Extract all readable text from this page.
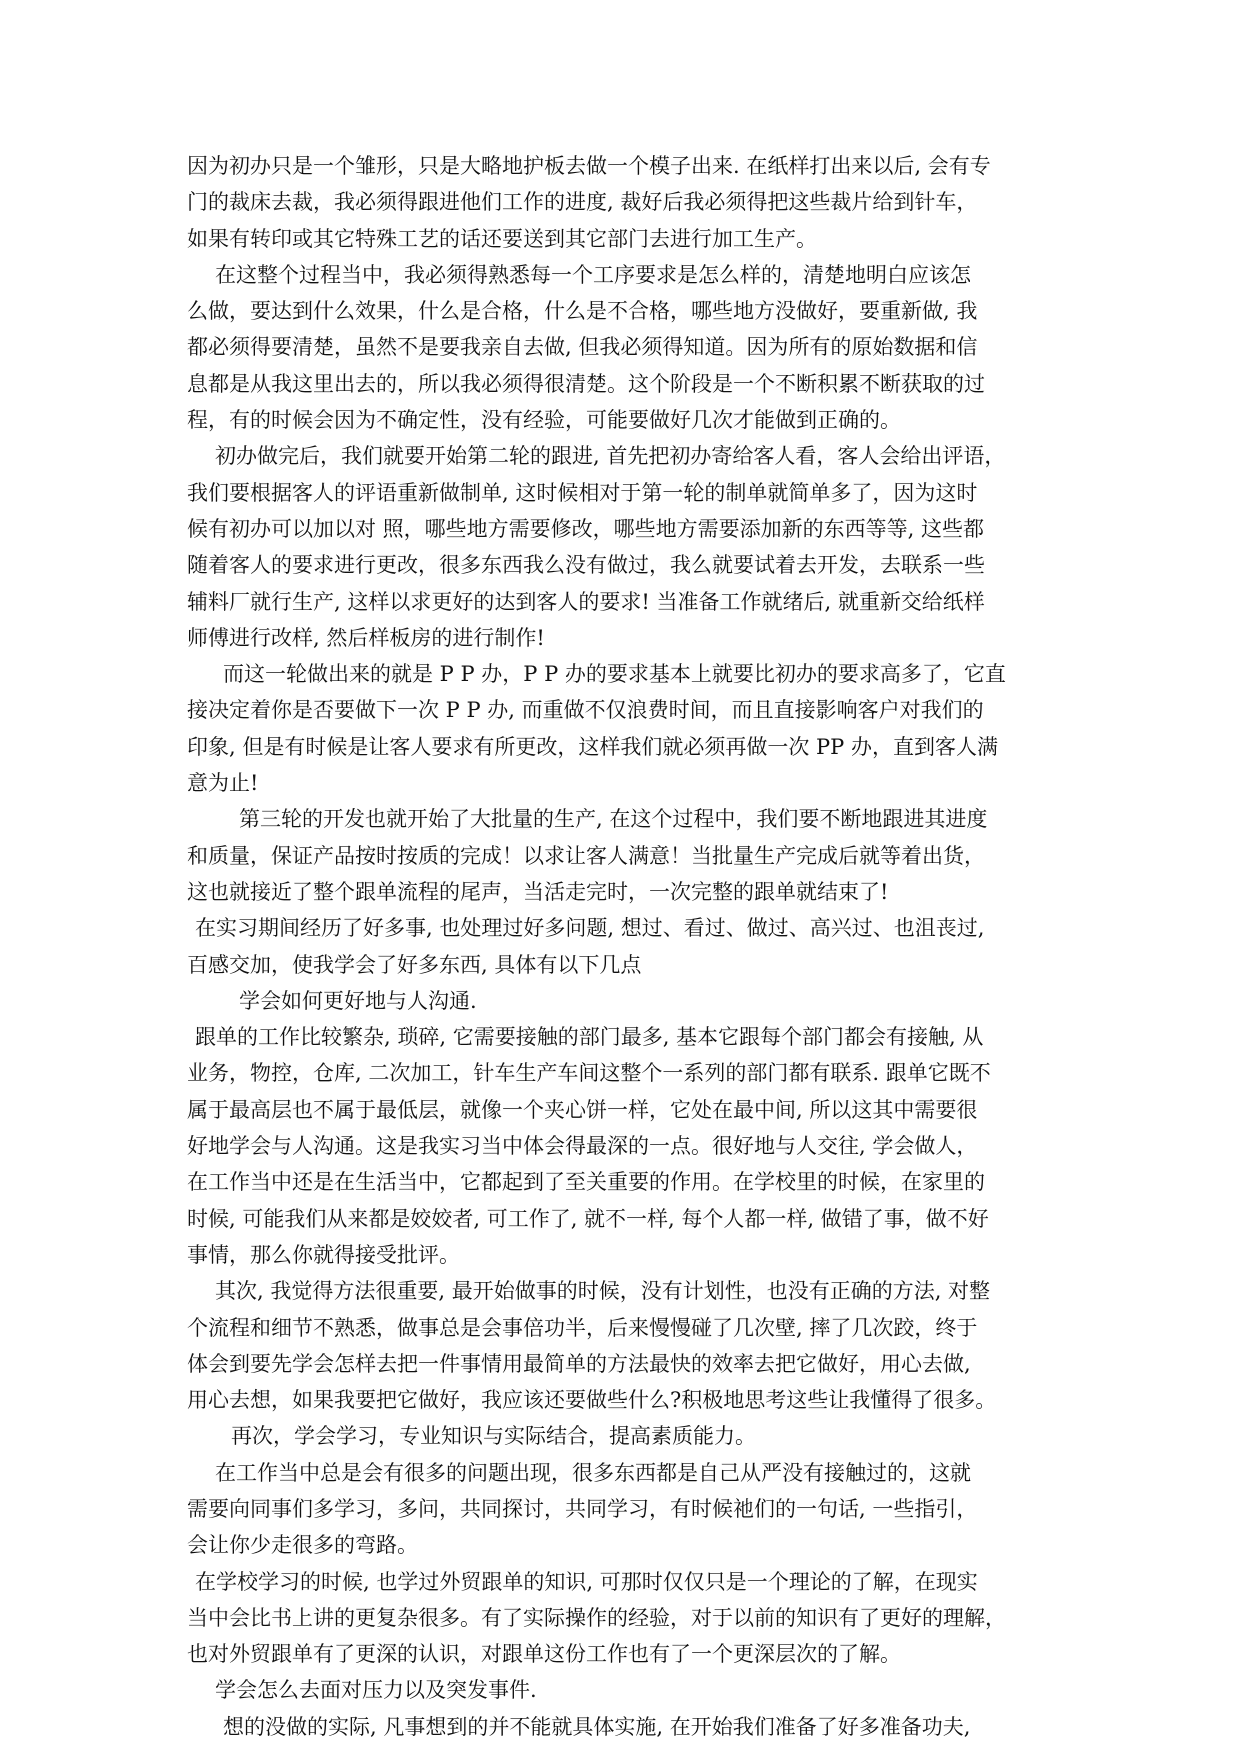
因为初办只是一个雏形，只是大略地护板去做一个模子出来. 在纸样打出来以后, 会有专
门的裁床去裁，我必须得跟进他们工作的进度, 裁好后我必须得把这些裁片给到针车，
如果有转印或其它特殊工艺的话还要送到其它部门去进行加工生产。
在这整个过程当中，我必须得熟悉每一个工序要求是怎么样的，清楚地明白应该怎
么做，要达到什么效果，什么是合格，什么是不合格，哪些地方没做好，要重新做, 我
都必须得要清楚，虽然不是要我亲自去做, 但我必须得知道。因为所有的原始数据和信
息都是从我这里出去的，所以我必须得很清楚。这个阶段是一个不断积累不断获取的过
程，有的时候会因为不确定性，没有经验，可能要做好几次才能做到正确的。
初办做完后，我们就要开始第二轮的跟进, 首先把初办寄给客人看，客人会给出评语，
我们要根据客人的评语重新做制单, 这时候相对于第一轮的制单就简单多了，因为这时
候有初办可以加以对 照，哪些地方需要修改，哪些地方需要添加新的东西等等, 这些都
随着客人的要求进行更改，很多东西我么没有做过，我么就要试着去开发，去联系一些
辅料厂就行生产, 这样以求更好的达到客人的要求! 当准备工作就绪后, 就重新交给纸样
师傅进行改样, 然后样板房的进行制作!
而这一轮做出来的就是 P P 办，P P 办的要求基本上就要比初办的要求高多了，它直
接决定着你是否要做下一次 P P 办, 而重做不仅浪费时间，而且直接影响客户对我们的
印象, 但是有时候是让客人要求有所更改，这样我们就必须再做一次 PP 办，直到客人满
意为止!
第三轮的开发也就开始了大批量的生产, 在这个过程中，我们要不断地跟进其进度
和质量，保证产品按时按质的完成！以求让客人满意！当批量生产完成后就等着出货，
这也就接近了整个跟单流程的尾声，当活走完时，一次完整的跟单就结束了!
在实习期间经历了好多事, 也处理过好多问题, 想过、看过、做过、高兴过、也沮丧过,
百感交加，使我学会了好多东西, 具体有以下几点
学会如何更好地与人沟通.
跟单的工作比较繁杂, 琐碎, 它需要接触的部门最多, 基本它跟每个部门都会有接触, 从
业务，物控，仓库, 二次加工，针车生产车间这整个一系列的部门都有联系. 跟单它既不
属于最高层也不属于最低层，就像一个夹心饼一样，它处在最中间, 所以这其中需要很
好地学会与人沟通。这是我实习当中体会得最深的一点。很好地与人交往, 学会做人，
在工作当中还是在生活当中，它都起到了至关重要的作用。在学校里的时候，在家里的
时候, 可能我们从来都是姣姣者, 可工作了, 就不一样, 每个人都一样, 做错了事，做不好
事情，那么你就得接受批评。
其次, 我觉得方法很重要, 最开始做事的时候，没有计划性，也没有正确的方法, 对整
个流程和细节不熟悉，做事总是会事倍功半，后来慢慢碰了几次壁, 摔了几次跤，终于
体会到要先学会怎样去把一件事情用最简单的方法最快的效率去把它做好，用心去做,
用心去想，如果我要把它做好，我应该还要做些什么?积极地思考这些让我懂得了很多。
再次，学会学习，专业知识与实际结合，提高素质能力。
在工作当中总是会有很多的问题出现，很多东西都是自己从严没有接触过的，这就
需要向同事们多学习，多问，共同探讨，共同学习，有时候祂们的一句话, 一些指引，
会让你少走很多的弯路。
在学校学习的时候, 也学过外贸跟单的知识, 可那时仅仅只是一个理论的了解，在现实
当中会比书上讲的更复杂很多。有了实际操作的经验，对于以前的知识有了更好的理解，
也对外贸跟单有了更深的认识，对跟单这份工作也有了一个更深层次的了解。
学会怎么去面对压力以及突发事件.
想的没做的实际, 凡事想到的并不能就具体实施, 在开始我们准备了好多准备功夫,
